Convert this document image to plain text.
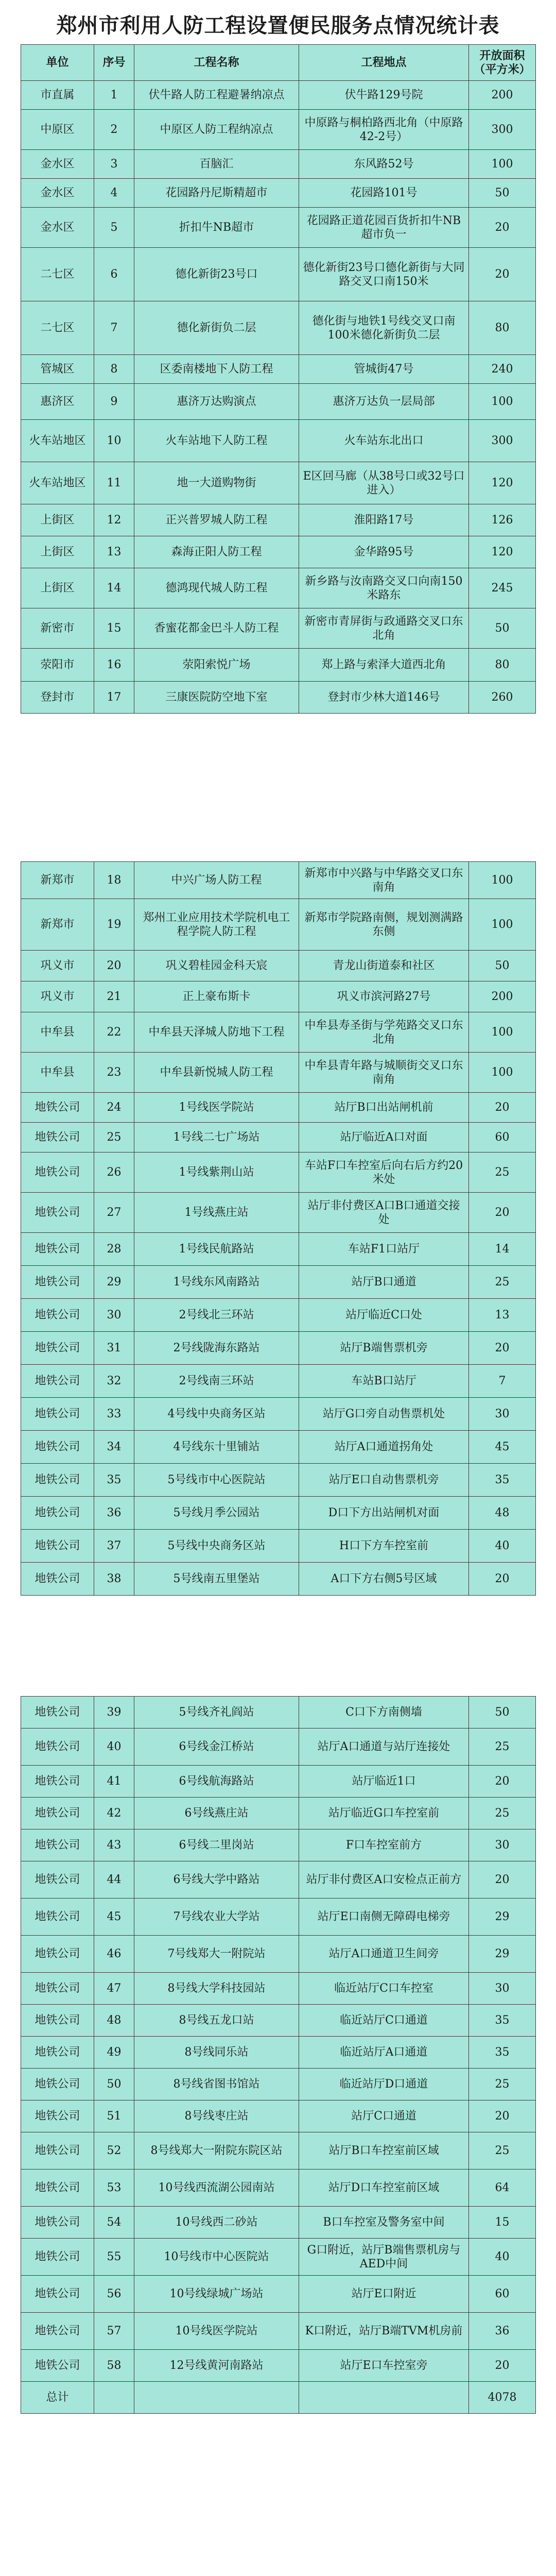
郑州市利用人防工程设置便民服务点情况统计表
单位	序号	工程名称	工程地点	开放面积（平方米）
市直属	1	伏牛路人防工程避暑纳凉点	伏牛路129号院	200
中原区	2	中原区人防工程纳凉点	中原路与桐柏路西北角（中原路42-2号）	300
金水区	3	百脑汇	东风路52号	100
金水区	4	花园路丹尼斯精超市	花园路101号	50
金水区	5	折扣牛NB超市	花园路正道花园百货折扣牛NB超市负一	20
二七区	6	德化新街23号口	德化新街23号口德化新街与大同路交叉口南150米	20
二七区	7	德化新街负二层	德化街与地铁1号线交叉口南100米德化新街负二层	80
管城区	8	区委南楼地下人防工程	管城街47号	240
惠济区	9	惠济万达购演点	惠济万达负一层局部	100
火车站地区	10	火车站地下人防工程	火车站东北出口	300
火车站地区	11	地一大道购物街	E区回马廊（从38号口或32号口进入）	120
上街区	12	正兴普罗城人防工程	淮阳路17号	126
上街区	13	森海正阳人防工程	金华路95号	120
上街区	14	德鸿现代城人防工程	新乡路与汝南路交叉口向南150米路东	245
新密市	15	香蜜花都金巴斗人防工程	新密市青屏街与政通路交叉口东北角	50
荥阳市	16	荥阳索悦广场	郑上路与索泽大道西北角	80
登封市	17	三康医院防空地下室	登封市少林大道146号	260
新郑市	18	中兴广场人防工程	新郑市中兴路与中华路交叉口东南角	100
新郑市	19	郑州工业应用技术学院机电工程学院人防工程	新郑市学院路南侧，规划测满路东侧	100
巩义市	20	巩义碧桂园金科天宸	青龙山街道泰和社区	50
巩义市	21	正上豪布斯卡	巩义市滨河路27号	200
中牟县	22	中牟县天泽城人防地下工程	中牟县寿圣街与学苑路交叉口东北角	100
中牟县	23	中牟县新悦城人防工程	中牟县青年路与城顺街交叉口东南角	100
地铁公司	24	1号线医学院站	站厅B口出站闸机前	20
地铁公司	25	1号线二七广场站	站厅临近A口对面	60
地铁公司	26	1号线紫荆山站	车站F口车控室后向右后方约20米处	25
地铁公司	27	1号线燕庄站	站厅非付费区A口B口通道交接处	20
地铁公司	28	1号线民航路站	车站F1口站厅	14
地铁公司	29	1号线东风南路站	站厅B口通道	25
地铁公司	30	2号线北三环站	站厅临近C口处	13
地铁公司	31	2号线陇海东路站	站厅B端售票机旁	20
地铁公司	32	2号线南三环站	车站B口站厅	7
地铁公司	33	4号线中央商务区站	站厅G口旁自动售票机处	30
地铁公司	34	4号线东十里铺站	站厅A口通道拐角处	45
地铁公司	35	5号线市中心医院站	站厅E口自动售票机旁	35
地铁公司	36	5号线月季公园站	D口下方出站闸机对面	48
地铁公司	37	5号线中央商务区站	H口下方车控室前	40
地铁公司	38	5号线南五里堡站	A口下方右侧5号区域	20
地铁公司	39	5号线齐礼阎站	C口下方南侧墙	50
地铁公司	40	6号线金江桥站	站厅A口通道与站厅连接处	25
地铁公司	41	6号线航海路站	站厅临近1口	20
地铁公司	42	6号线燕庄站	站厅临近G口车控室前	25
地铁公司	43	6号线二里岗站	F口车控室前方	30
地铁公司	44	6号线大学中路站	站厅非付费区A口安检点正前方	20
地铁公司	45	7号线农业大学站	站厅E口南侧无障碍电梯旁	29
地铁公司	46	7号线郑大一附院站	站厅A口通道卫生间旁	29
地铁公司	47	8号线大学科技园站	临近站厅C口车控室	30
地铁公司	48	8号线五龙口站	临近站厅C口通道	35
地铁公司	49	8号线同乐站	临近站厅A口通道	35
地铁公司	50	8号线省图书馆站	临近站厅D口通道	25
地铁公司	51	8号线枣庄站	站厅C口通道	20
地铁公司	52	8号线郑大一附院东院区站	站厅B口车控室前区域	25
地铁公司	53	10号线西流湖公园南站	站厅D口车控室前区域	64
地铁公司	54	10号线西二砂站	B口车控室及警务室中间	15
地铁公司	55	10号线市中心医院站	G口附近，站厅B端售票机房与AED中间	40
地铁公司	56	10号线绿城广场站	站厅E口附近	60
地铁公司	57	10号线医学院站	K口附近，站厅B端TVM机房前	36
地铁公司	58	12号线黄河南路站	站厅E口车控室旁	20
总计				4078
